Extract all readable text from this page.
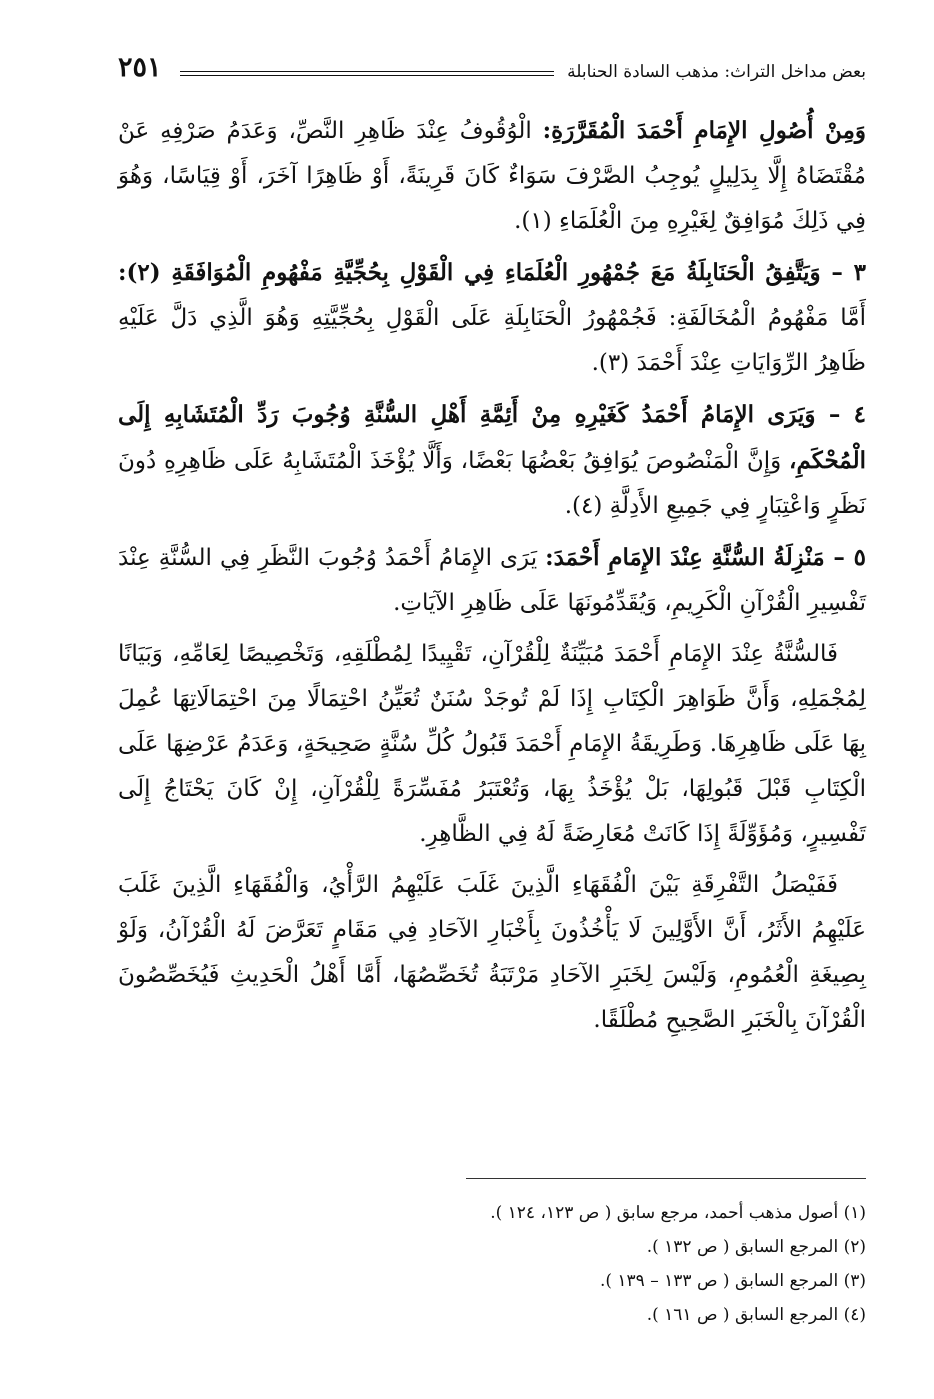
بعض مداخل التراث: مذهب السادة الحنابلة
٢٥١

وَمِنْ أُصُولِ الإِمَامِ أَحْمَدَ الْمُقَرَّرَةِ: الْوُقُوفُ عِنْدَ ظَاهِرِ النَّصِّ، وَعَدَمُ صَرْفِهِ عَنْ مُقْتَضَاهُ إِلَّا بِدَلِيلٍ يُوجِبُ الصَّرْفَ سَوَاءٌ كَانَ قَرِينَةً، أَوْ ظَاهِرًا آخَرَ، أَوْ قِيَاسًا، وَهُوَ فِي ذَلِكَ مُوَافِقٌ لِغَيْرِهِ مِنَ الْعُلَمَاءِ (١).

٣ – وَيَتَّفِقُ الْحَنَابِلَةُ مَعَ جُمْهُورِ الْعُلَمَاءِ فِي الْقَوْلِ بِحُجِّيَّةِ مَفْهُومِ الْمُوَافَقَةِ (٢): أَمَّا مَفْهُومُ الْمُخَالَفَةِ: فَجُمْهُورُ الْحَنَابِلَةِ عَلَى الْقَوْلِ بِحُجِّيَّتِهِ وَهُوَ الَّذِي دَلَّ عَلَيْهِ ظَاهِرُ الرِّوَايَاتِ عِنْدَ أَحْمَدَ (٣).

٤ – وَيَرَى الإِمَامُ أَحْمَدُ كَغَيْرِهِ مِنْ أَئِمَّةِ أَهْلِ السُّنَّةِ وُجُوبَ رَدِّ الْمُتَشَابِهِ إِلَى الْمُحْكَمِ، وَإِنَّ الْمَنْصُوصَ يُوَافِقُ بَعْضُهَا بَعْضًا، وَأَلَّا يُؤْخَذَ الْمُتَشَابِهُ عَلَى ظَاهِرِهِ دُونَ نَظَرٍ وَاعْتِبَارٍ فِي جَمِيعِ الأَدِلَّةِ (٤).

٥ – مَنْزِلَةُ السُّنَّةِ عِنْدَ الإِمَامِ أَحْمَدَ: يَرَى الإِمَامُ أَحْمَدُ وُجُوبَ النَّظَرِ فِي السُّنَّةِ عِنْدَ تَفْسِيرِ الْقُرْآنِ الْكَرِيمِ، وَيُقَدِّمُونَهَا عَلَى ظَاهِرِ الآيَاتِ.

فَالسُّنَّةُ عِنْدَ الإِمَامِ أَحْمَدَ مُبَيِّنَةٌ لِلْقُرْآنِ، تَقْيِيدًا لِمُطْلَقِهِ، وَتَخْصِيصًا لِعَامِّهِ، وَبَيَانًا لِمُجْمَلِهِ، وَأَنَّ ظَوَاهِرَ الْكِتَابِ إِذَا لَمْ تُوجَدْ سُنَنٌ تُعَيِّنُ احْتِمَالًا مِنَ احْتِمَالَاتِهَا عُمِلَ بِهَا عَلَى ظَاهِرِهَا. وَطَرِيقَةُ الإِمَامِ أَحْمَدَ قَبُولُ كُلِّ سُنَّةٍ صَحِيحَةٍ، وَعَدَمُ عَرْضِهَا عَلَى الْكِتَابِ قَبْلَ قَبُولِهَا، بَلْ يُؤْخَذُ بِهَا، وَتُعْتَبَرُ مُفَسِّرَةً لِلْقُرْآنِ، إِنْ كَانَ يَحْتَاجُ إِلَى تَفْسِيرٍ، وَمُؤَوِّلَةً إِذَا كَانَتْ مُعَارِضَةً لَهُ فِي الظَّاهِرِ.

فَفَيْصَلُ التَّفْرِقَةِ بَيْنَ الْفُقَهَاءِ الَّذِينَ غَلَبَ عَلَيْهِمُ الرَّأْيُ، وَالْفُقَهَاءِ الَّذِينَ غَلَبَ عَلَيْهِمُ الأَثَرُ، أَنَّ الأَوَّلِينَ لَا يَأْخُذُونَ بِأَخْبَارِ الآحَادِ فِي مَقَامٍ تَعَرَّضَ لَهُ الْقُرْآنُ، وَلَوْ بِصِيغَةِ الْعُمُومِ، وَلَيْسَ لِخَبَرِ الآحَادِ مَرْتَبَةُ تُخَصِّصُهَا، أَمَّا أَهْلُ الْحَدِيثِ فَيُخَصِّصُونَ الْقُرْآنَ بِالْخَبَرِ الصَّحِيحِ مُطْلَقًا.

(١) أصول مذهب أحمد، مرجع سابق ( ص ١٢٣، ١٢٤ ).

(٢) المرجع السابق ( ص ١٣٢ ).

(٣) المرجع السابق ( ص ١٣٣ – ١٣٩ ).

(٤) المرجع السابق ( ص ١٦١ ).
